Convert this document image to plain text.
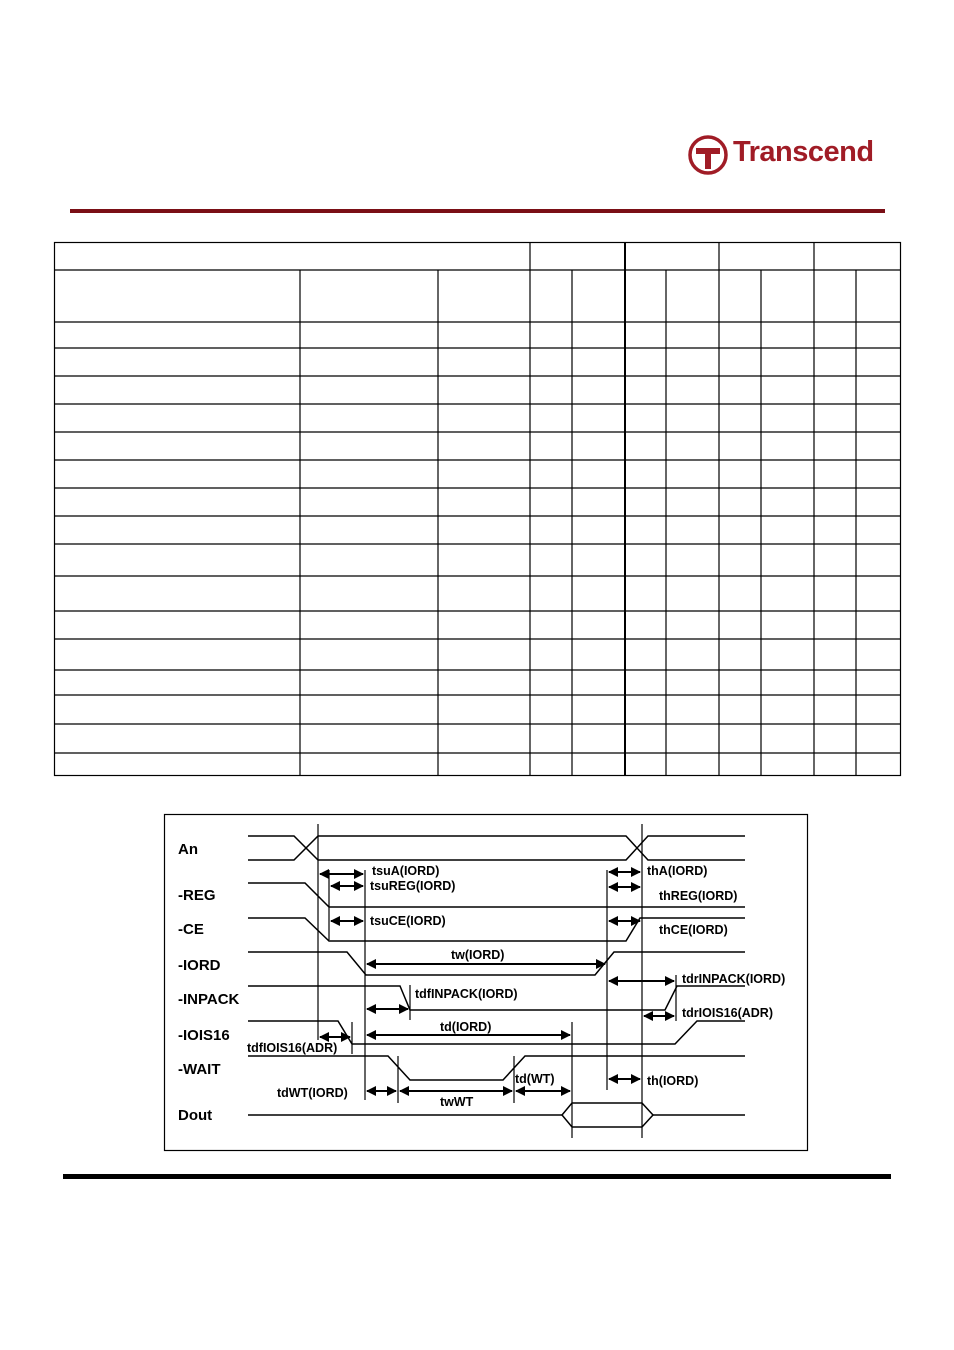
Transcend
An
-REG
-CE
-IORD
-INPACK
-IOIS16
-WAIT
Dout
tsuA(IORD)
tsuREG(IORD)
tsuCE(IORD)
thA(IORD)
thREG(IORD)
thCE(IORD)
tw(IORD)
tdrINPACK(IORD)
tdfINPACK(IORD)
tdrIOIS16(ADR)
td(IORD)
tdfIOIS16(ADR)
tdWT(IORD)
td(WT)	th(IORD)
twWT
